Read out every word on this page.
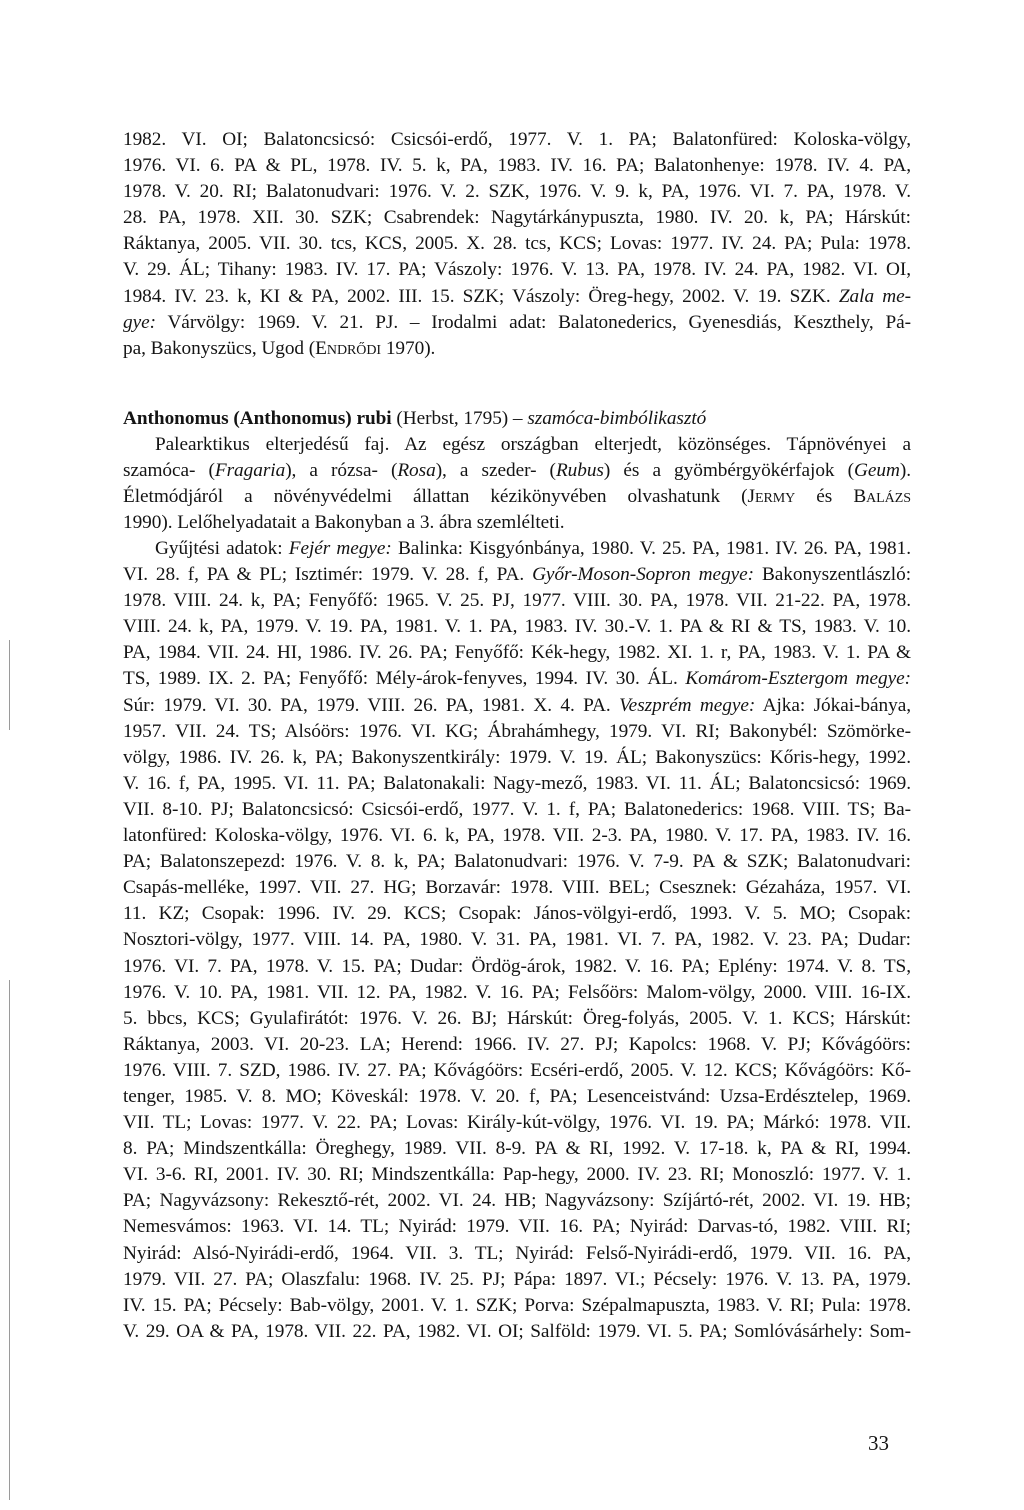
1982. VI. OI; Balatoncsicsó: Csicsói-erdő, 1977. V. 1. PA; Balatonfüred: Koloska-völgy,
1976. VI. 6. PA & PL, 1978. IV. 5. k, PA, 1983. IV. 16. PA; Balatonhenye: 1978. IV. 4. PA,
1978. V. 20. RI; Balatonudvari: 1976. V. 2. SZK, 1976. V. 9. k, PA, 1976. VI. 7. PA, 1978. V.
28. PA, 1978. XII. 30. SZK; Csabrendek: Nagytárkánypuszta, 1980. IV. 20. k, PA; Hárskút:
Ráktanya, 2005. VII. 30. tcs, KCS, 2005. X. 28. tcs, KCS; Lovas: 1977. IV. 24. PA; Pula: 1978.
V. 29. ÁL; Tihany: 1983. IV. 17. PA; Vászoly: 1976. V. 13. PA, 1978. IV. 24. PA, 1982. VI. OI,
1984. IV. 23. k, KI & PA, 2002. III. 15. SZK; Vászoly: Öreg-hegy, 2002. V. 19. SZK. Zala me-
gye: Várvölgy: 1969. V. 21. PJ. – Irodalmi adat: Balatonederics, Gyenesdiás, Keszthely, Pá-
pa, Bakonyszücs, Ugod (Endrődi 1970).
Anthonomus (Anthonomus) rubi (Herbst, 1795) – szamóca-bimbólikasztó
Palearktikus elterjedésű faj. Az egész országban elterjedt, közönséges. Tápnövényei a
szamóca- (Fragaria), a rózsa- (Rosa), a szeder- (Rubus) és a gyömbérgyökérfajok (Geum).
Életmódjáról a növényvédelmi állattan kézikönyvében olvashatunk (Jermy és Balázs
1990). Lelőhelyadatait a Bakonyban a 3. ábra szemlélteti.
Gyűjtési adatok: Fejér megye: Balinka: Kisgyónbánya, 1980. V. 25. PA, 1981. IV. 26. PA, 1981.
VI. 28. f, PA & PL; Isztimér: 1979. V. 28. f, PA. Győr-Moson-Sopron megye: Bakonyszentlászló:
1978. VIII. 24. k, PA; Fenyőfő: 1965. V. 25. PJ, 1977. VIII. 30. PA, 1978. VII. 21-22. PA, 1978.
VIII. 24. k, PA, 1979. V. 19. PA, 1981. V. 1. PA, 1983. IV. 30.-V. 1. PA & RI & TS, 1983. V. 10.
PA, 1984. VII. 24. HI, 1986. IV. 26. PA; Fenyőfő: Kék-hegy, 1982. XI. 1. r, PA, 1983. V. 1. PA &
TS, 1989. IX. 2. PA; Fenyőfő: Mély-árok-fenyves, 1994. IV. 30. ÁL. Komárom-Esztergom megye:
Súr: 1979. VI. 30. PA, 1979. VIII. 26. PA, 1981. X. 4. PA. Veszprém megye: Ajka: Jókai-bánya,
1957. VII. 24. TS; Alsóörs: 1976. VI. KG; Ábrahámhegy, 1979. VI. RI; Bakonybél: Szömörke-
völgy, 1986. IV. 26. k, PA; Bakonyszentkirály: 1979. V. 19. ÁL; Bakonyszücs: Kőris-hegy, 1992.
V. 16. f, PA, 1995. VI. 11. PA; Balatonakali: Nagy-mező, 1983. VI. 11. ÁL; Balatoncsicsó: 1969.
VII. 8-10. PJ; Balatoncsicsó: Csicsói-erdő, 1977. V. 1. f, PA; Balatonederics: 1968. VIII. TS; Ba-
latonfüred: Koloska-völgy, 1976. VI. 6. k, PA, 1978. VII. 2-3. PA, 1980. V. 17. PA, 1983. IV. 16.
PA; Balatonszepezd: 1976. V. 8. k, PA; Balatonudvari: 1976. V. 7-9. PA & SZK; Balatonudvari:
Csapás-melléke, 1997. VII. 27. HG; Borzavár: 1978. VIII. BEL; Csesznek: Gézaháza, 1957. VI.
11. KZ; Csopak: 1996. IV. 29. KCS; Csopak: János-völgyi-erdő, 1993. V. 5. MO; Csopak:
Nosztori-völgy, 1977. VIII. 14. PA, 1980. V. 31. PA, 1981. VI. 7. PA, 1982. V. 23. PA; Dudar:
1976. VI. 7. PA, 1978. V. 15. PA; Dudar: Ördög-árok, 1982. V. 16. PA; Eplény: 1974. V. 8. TS,
1976. V. 10. PA, 1981. VII. 12. PA, 1982. V. 16. PA; Felsőörs: Malom-völgy, 2000. VIII. 16-IX.
5. bbcs, KCS; Gyulafirátót: 1976. V. 26. BJ; Hárskút: Öreg-folyás, 2005. V. 1. KCS; Hárskút:
Ráktanya, 2003. VI. 20-23. LA; Herend: 1966. IV. 27. PJ; Kapolcs: 1968. V. PJ; Kővágóörs:
1976. VIII. 7. SZD, 1986. IV. 27. PA; Kővágóörs: Ecséri-erdő, 2005. V. 12. KCS; Kővágóörs: Kő-
tenger, 1985. V. 8. MO; Köveskál: 1978. V. 20. f, PA; Lesenceistvánd: Uzsa-Erdésztelep, 1969.
VII. TL; Lovas: 1977. V. 22. PA; Lovas: Király-kút-völgy, 1976. VI. 19. PA; Márkó: 1978. VII.
8. PA; Mindszentkálla: Öreghegy, 1989. VII. 8-9. PA & RI, 1992. V. 17-18. k, PA & RI, 1994.
VI. 3-6. RI, 2001. IV. 30. RI; Mindszentkálla: Pap-hegy, 2000. IV. 23. RI; Monoszló: 1977. V. 1.
PA; Nagyvázsony: Rekesztő-rét, 2002. VI. 24. HB; Nagyvázsony: Szíjártó-rét, 2002. VI. 19. HB;
Nemesvámos: 1963. VI. 14. TL; Nyirád: 1979. VII. 16. PA; Nyirád: Darvas-tó, 1982. VIII. RI;
Nyirád: Alsó-Nyirádi-erdő, 1964. VII. 3. TL; Nyirád: Felső-Nyirádi-erdő, 1979. VII. 16. PA,
1979. VII. 27. PA; Olaszfalu: 1968. IV. 25. PJ; Pápa: 1897. VI.; Pécsely: 1976. V. 13. PA, 1979.
IV. 15. PA; Pécsely: Bab-völgy, 2001. V. 1. SZK; Porva: Szépalmapuszta, 1983. V. RI; Pula: 1978.
V. 29. OA & PA, 1978. VII. 22. PA, 1982. VI. OI; Salföld: 1979. VI. 5. PA; Somlóvásárhely: Som-
33
